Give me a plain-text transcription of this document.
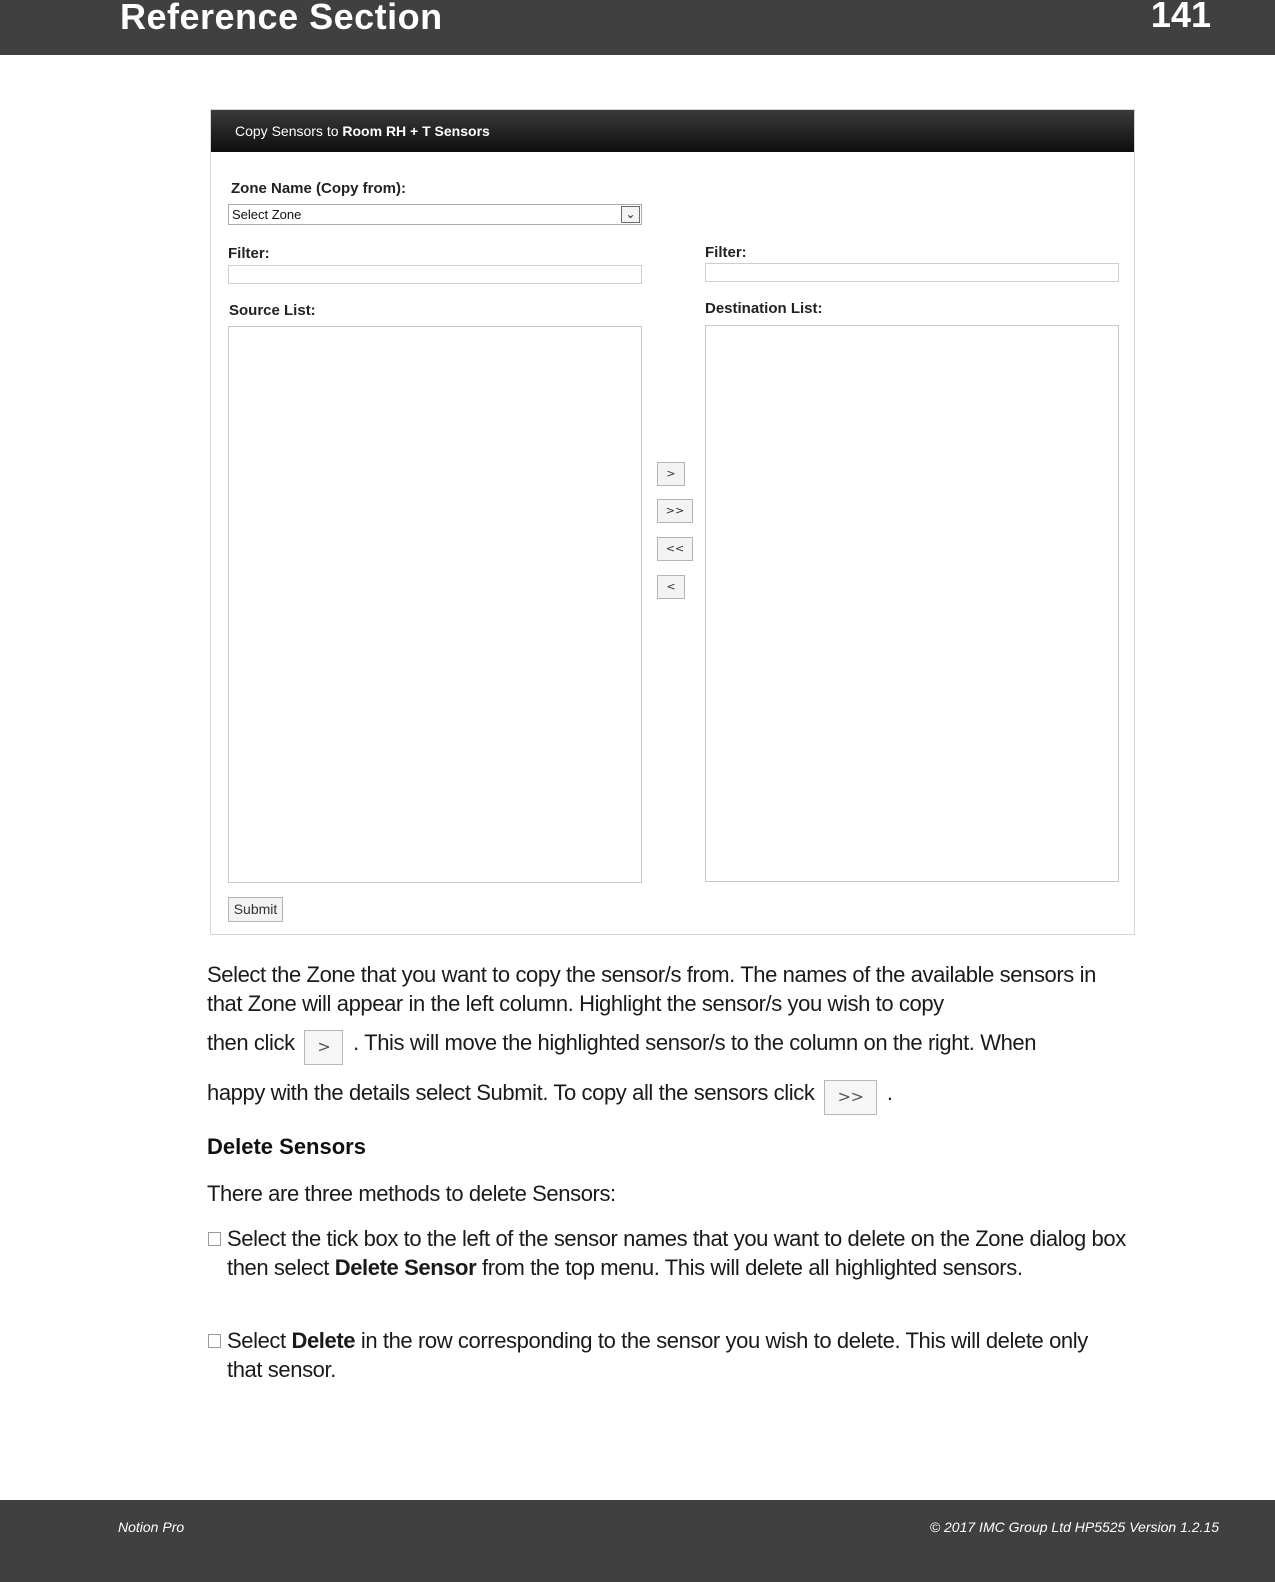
Reference Section	141
Copy Sensors to Room RH + T Sensors
Zone Name (Copy from):
Select Zone	⌄
Filter:	Filter:
Source List:	Destination List:
>
>>
<<
<
Submit
Select the Zone that you want to copy the sensor/s from. The names of the available sensors in that Zone will appear in the left column. Highlight the sensor/s you wish to copy
then click > . This will move the highlighted sensor/s to the column on the right. When
happy with the details select Submit. To copy all the sensors click >> .
Delete Sensors
There are three methods to delete Sensors:
Select the tick box to the left of the sensor names that you want to delete on the Zone dialog box then select Delete Sensor from the top menu. This will delete all highlighted sensors.
Select Delete in the row corresponding to the sensor you wish to delete. This will delete only that sensor.
Notion Pro	© 2017 IMC Group Ltd HP5525 Version 1.2.15
